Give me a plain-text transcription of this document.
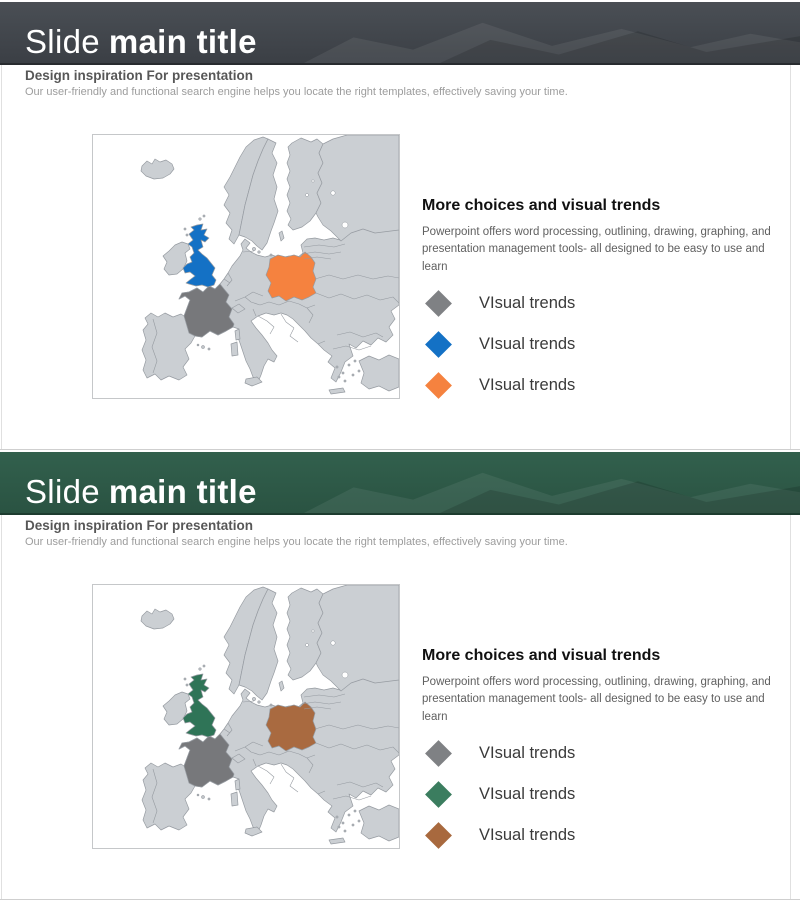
Slide main title
Design inspiration For presentation

Our user-friendly and functional search engine helps you locate the right templates, effectively saving your time.

More choices and visual trends

Powerpoint offers word processing, outlining, drawing, graphing, and presentation management tools- all designed to be easy to use and learn

VIsual trends
VIsual trends
VIsual trends
Slide main title
Design inspiration For presentation

Our user-friendly and functional search engine helps you locate the right templates, effectively saving your time.

More choices and visual trends

Powerpoint offers word processing, outlining, drawing, graphing, and presentation management tools- all designed to be easy to use and learn

VIsual trends
VIsual trends
VIsual trends
